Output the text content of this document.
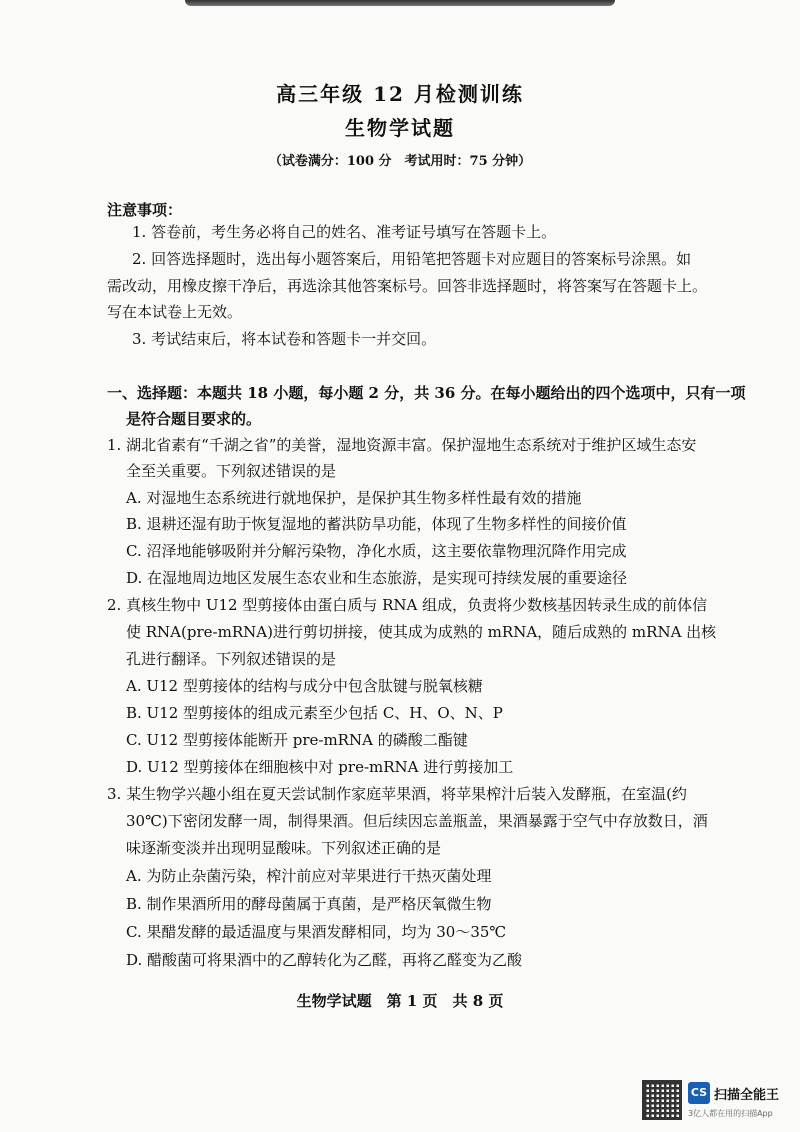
高三年级 12 月检测训练
生物学试题
（试卷满分：100 分　考试用时：75 分钟）
注意事项：
1. 答卷前，考生务必将自己的姓名、准考证号填写在答题卡上。
2. 回答选择题时，选出每小题答案后，用铅笔把答题卡对应题目的答案标号涂黑。如
需改动，用橡皮擦干净后，再选涂其他答案标号。回答非选择题时，将答案写在答题卡上。
写在本试卷上无效。
3. 考试结束后，将本试卷和答题卡一并交回。
一、选择题：本题共 18 小题，每小题 2 分，共 36 分。在每小题给出的四个选项中，只有一项
是符合题目要求的。
1. 湖北省素有“千湖之省”的美誉，湿地资源丰富。保护湿地生态系统对于维护区域生态安
全至关重要。下列叙述错误的是
A. 对湿地生态系统进行就地保护，是保护其生物多样性最有效的措施
B. 退耕还湿有助于恢复湿地的蓄洪防旱功能，体现了生物多样性的间接价值
C. 沼泽地能够吸附并分解污染物，净化水质，这主要依靠物理沉降作用完成
D. 在湿地周边地区发展生态农业和生态旅游，是实现可持续发展的重要途径
2. 真核生物中 U12 型剪接体由蛋白质与 RNA 组成，负责将少数核基因转录生成的前体信
使 RNA(pre-mRNA)进行剪切拼接，使其成为成熟的 mRNA，随后成熟的 mRNA 出核
孔进行翻译。下列叙述错误的是
A. U12 型剪接体的结构与成分中包含肽键与脱氧核糖
B. U12 型剪接体的组成元素至少包括 C、H、O、N、P
C. U12 型剪接体能断开 pre-mRNA 的磷酸二酯键
D. U12 型剪接体在细胞核中对 pre-mRNA 进行剪接加工
3. 某生物学兴趣小组在夏天尝试制作家庭苹果酒，将苹果榨汁后装入发酵瓶，在室温(约
30℃)下密闭发酵一周，制得果酒。但后续因忘盖瓶盖，果酒暴露于空气中存放数日，酒
味逐渐变淡并出现明显酸味。下列叙述正确的是
A. 为防止杂菌污染，榨汁前应对苹果进行干热灭菌处理
B. 制作果酒所用的酵母菌属于真菌，是严格厌氧微生物
C. 果醋发酵的最适温度与果酒发酵相同，均为 30～35℃
D. 醋酸菌可将果酒中的乙醇转化为乙醛，再将乙醛变为乙酸
生物学试题　第 1 页　共 8 页
CS 扫描全能王
3亿人都在用的扫描App
